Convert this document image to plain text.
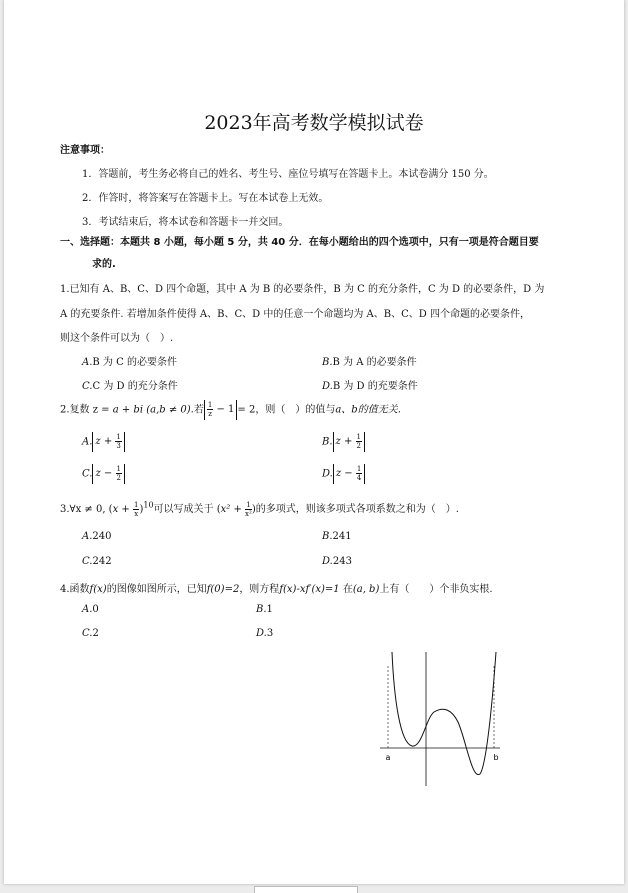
2023年高考数学模拟试卷
注意事项：
1．答题前，考生务必将自己的姓名、考生号、座位号填写在答题卡上。本试卷满分 150 分。
2．作答时，将答案写在答题卡上。写在本试卷上无效。
3．考试结束后，将本试卷和答题卡一并交回。
一、选择题：本题共 8 小题，每小题 5 分，共 40 分．在每小题给出的四个选项中，只有一项是符合题目要
求的.
1.已知有 A、B、C、D 四个命题，其中 A 为 B 的必要条件，B 为 C 的充分条件，C 为 D 的必要条件，D 为
A 的充要条件. 若增加条件使得 A、B、C、D 中的任意一个命题均为 A、B、C、D 四个命题的必要条件，
则这个条件可以为（　）.
A.B 为 C 的必要条件	B.B 为 A 的必要条件
C.C 为 D 的充分条件	D.B 为 D 的充要条件
2.复数 z = a + bi (a,b ≠ 0).若 $\frac{1}{z} - 1 = 2$，则（　）的值与a、b的值无关.
A. $z + \frac{1}{3}$	B. $z + \frac{1}{2}$
C. $z - \frac{1}{2}$	D. $z - \frac{1}{4}$
3.∀x ≠ 0, $(x + \frac{1}{x} )^{10}$可以写成关于 ($x^2 + \frac{1}{\text{x²}}$ )的多项式，则该多项式各项系数之和为（　）.
A.240	B.241
C.242	D.243
4.函数f(x)的图像如图所示，已知f(0)=2，则方程f(x)-xf′(x)=1 在(a, b)上有（　　）个非负实根.
A.0	B.1
C.2	D.3
a	b
